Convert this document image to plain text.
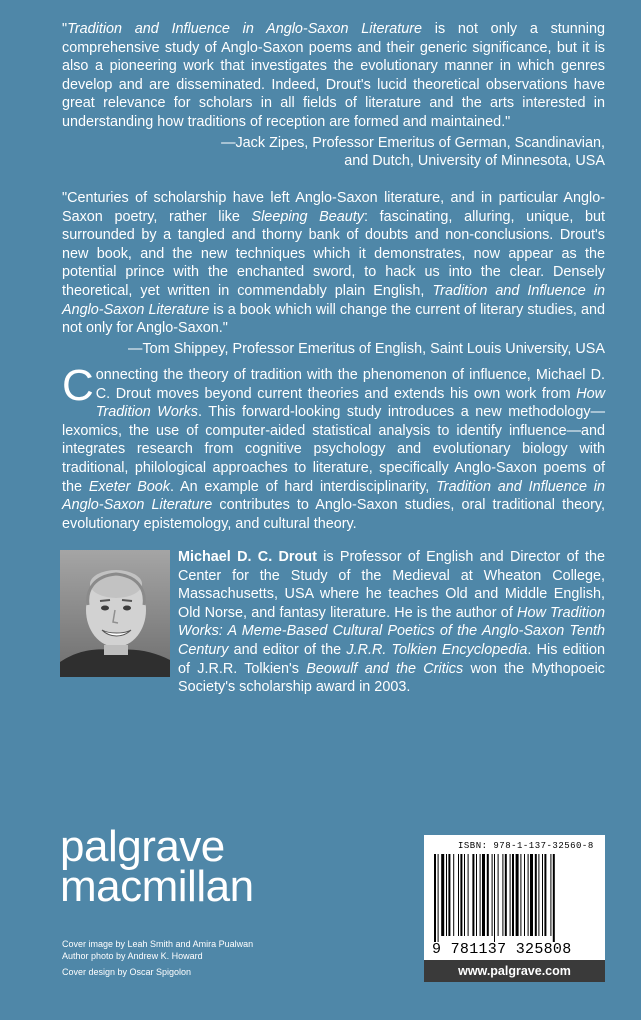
"Tradition and Influence in Anglo-Saxon Literature is not only a stunning comprehensive study of Anglo-Saxon poems and their generic significance, but it is also a pioneering work that investigates the evolutionary manner in which genres develop and are disseminated. Indeed, Drout's lucid theoretical observations have great relevance for scholars in all fields of literature and the arts interested in understanding how traditions of reception are formed and maintained."

—Jack Zipes, Professor Emeritus of German, Scandinavian,
and Dutch, University of Minnesota, USA

"Centuries of scholarship have left Anglo-Saxon literature, and in particular Anglo-Saxon poetry, rather like Sleeping Beauty: fascinating, alluring, unique, but surrounded by a tangled and thorny bank of doubts and non-conclusions. Drout's new book, and the new techniques which it demonstrates, now appear as the potential prince with the enchanted sword, to hack us into the clear. Densely theoretical, yet written in commendably plain English, Tradition and Influence in Anglo-Saxon Literature is a book which will change the current of literary studies, and not only for Anglo-Saxon."

—Tom Shippey, Professor Emeritus of English, Saint Louis University, USA
Connecting the theory of tradition with the phenomenon of influence, Michael D. C. Drout moves beyond current theories and extends his own work from How Tradition Works. This forward-looking study introduces a new methodology—lexomics, the use of computer-aided statistical analysis to identify influence—and integrates research from cognitive psychology and evolutionary biology with traditional, philological approaches to literature, specifically Anglo-Saxon poems of the Exeter Book. An example of hard interdisciplinarity, Tradition and Influence in Anglo-Saxon Literature contributes to Anglo-Saxon studies, oral traditional theory, evolutionary epistemology, and cultural theory.
Michael D. C. Drout is Professor of English and Director of the Center for the Study of the Medieval at Wheaton College, Massachusetts, USA where he teaches Old and Middle English, Old Norse, and fantasy literature. He is the author of How Tradition Works: A Meme-Based Cultural Poetics of the Anglo-Saxon Tenth Century and editor of the J.R.R. Tolkien Encyclopedia. His edition of J.R.R. Tolkien's Beowulf and the Critics won the Mythopoeic Society's scholarship award in 2003.
palgrave
macmillan
Cover image by Leah Smith and Amira Pualwan
Author photo by Andrew K. Howard
Cover design by Oscar Spigolon
ISBN: 978-1-137-32560-8
9 781137 325808
www.palgrave.com
